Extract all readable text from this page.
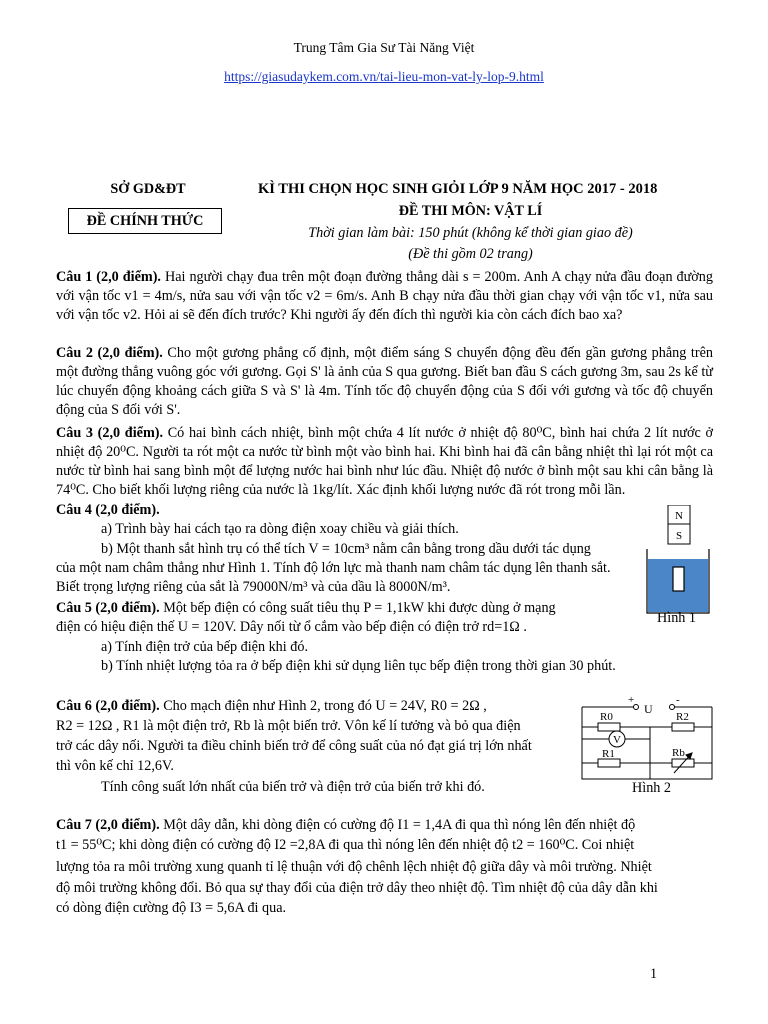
Trung Tâm Gia Sư Tài Năng Việt
https://giasudaykem.com.vn/tai-lieu-mon-vat-ly-lop-9.html
SỞ GD&ĐT
ĐỀ CHÍNH THỨC
KÌ THI CHỌN HỌC SINH GIỎI LỚP 9 NĂM HỌC 2017 - 2018
ĐỀ THI MÔN: VẬT LÍ
Thời gian làm bài: 150 phút (không kể thời gian giao đề)
(Đề thi gồm 02 trang)
Câu 1 (2,0 điểm). Hai người chạy đua trên một đoạn đường thẳng dài s = 200m. Anh A chạy nửa đầu đoạn đường với vận tốc v1 = 4m/s, nửa sau với vận tốc v2 = 6m/s. Anh B chạy nửa đầu thời gian chạy với vận tốc v1, nửa sau với vận tốc v2. Hỏi ai sẽ đến đích trước? Khi người ấy đến đích thì người kia còn cách đích bao xa?
Câu 2 (2,0 điểm). Cho một gương phẳng cố định, một điểm sáng S chuyển động đều đến gần gương phẳng trên một đường thẳng vuông góc với gương. Gọi S' là ảnh của S qua gương. Biết ban đầu S cách gương 3m, sau 2s kể từ lúc chuyển động khoảng cách giữa S và S' là 4m. Tính tốc độ chuyển động của S đối với gương và tốc độ chuyển động của S đối với S'.
Câu 3 (2,0 điểm). Có hai bình cách nhiệt, bình một chứa 4 lít nước ở nhiệt độ 80⁰C, bình hai chứa 2 lít nước ở nhiệt độ 20⁰C. Người ta rót một ca nước từ bình một vào bình hai. Khi bình hai đã cân bằng nhiệt thì lại rót một ca nước từ bình hai sang bình một để lượng nước hai bình như lúc đầu. Nhiệt độ nước ở bình một sau khi cân bằng là 74⁰C. Cho biết khối lượng riêng của nước là 1kg/lít. Xác định khối lượng nước đã rót trong mỗi lần.
Câu 4 (2,0 điểm).
a) Trình bày hai cách tạo ra dòng điện xoay chiều và giải thích.
b) Một thanh sắt hình trụ có thể tích V = 10cm³ nằm cân bằng trong dầu dưới tác dụng
của một nam châm thẳng như Hình 1. Tính độ lớn lực mà thanh nam châm tác dụng lên thanh sắt.
Biết trọng lượng riêng của sắt là 79000N/m³ và của dầu là 8000N/m³.
Câu 5 (2,0 điểm). Một bếp điện có công suất tiêu thụ P = 1,1kW khi được dùng ở mạng
điện có hiệu điện thế U = 120V. Dây nối từ ổ cắm vào bếp điện có điện trở rd=1Ω .
a) Tính điện trở của bếp điện khi đó.
b) Tính nhiệt lượng tỏa ra ở bếp điện khi sử dụng liên tục bếp điện trong thời gian 30 phút.
N
S
Hình 1
Câu 6 (2,0 điểm). Cho mạch điện như Hình 2, trong đó U = 24V, R0 = 2Ω ,
R2 = 12Ω , R1 là một điện trở, Rb là một biến trở. Vôn kế lí tưởng và bỏ qua điện
trở các dây nối. Người ta điều chỉnh biến trở để công suất của nó đạt giá trị lớn nhất
thì vôn kế chỉ 12,6V.
Tính công suất lớn nhất của biến trở và điện trở của biến trở khi đó.
+	-
U
R0	R2
V
R1	Rb
Hình 2
Câu 7 (2,0 điểm). Một dây dẫn, khi dòng điện có cường độ I1 = 1,4A đi qua thì nóng lên đến nhiệt độ
t1 = 55⁰C; khi dòng điện có cường độ I2 =2,8A đi qua thì nóng lên đến nhiệt độ t2 = 160⁰C. Coi nhiệt
lượng tỏa ra môi trường xung quanh tỉ lệ thuận với độ chênh lệch nhiệt độ giữa dây và môi trường. Nhiệt
độ môi trường không đổi. Bỏ qua sự thay đổi của điện trở dây theo nhiệt độ. Tìm nhiệt độ của dây dẫn khi
có dòng điện cường độ I3 = 5,6A đi qua.
1
